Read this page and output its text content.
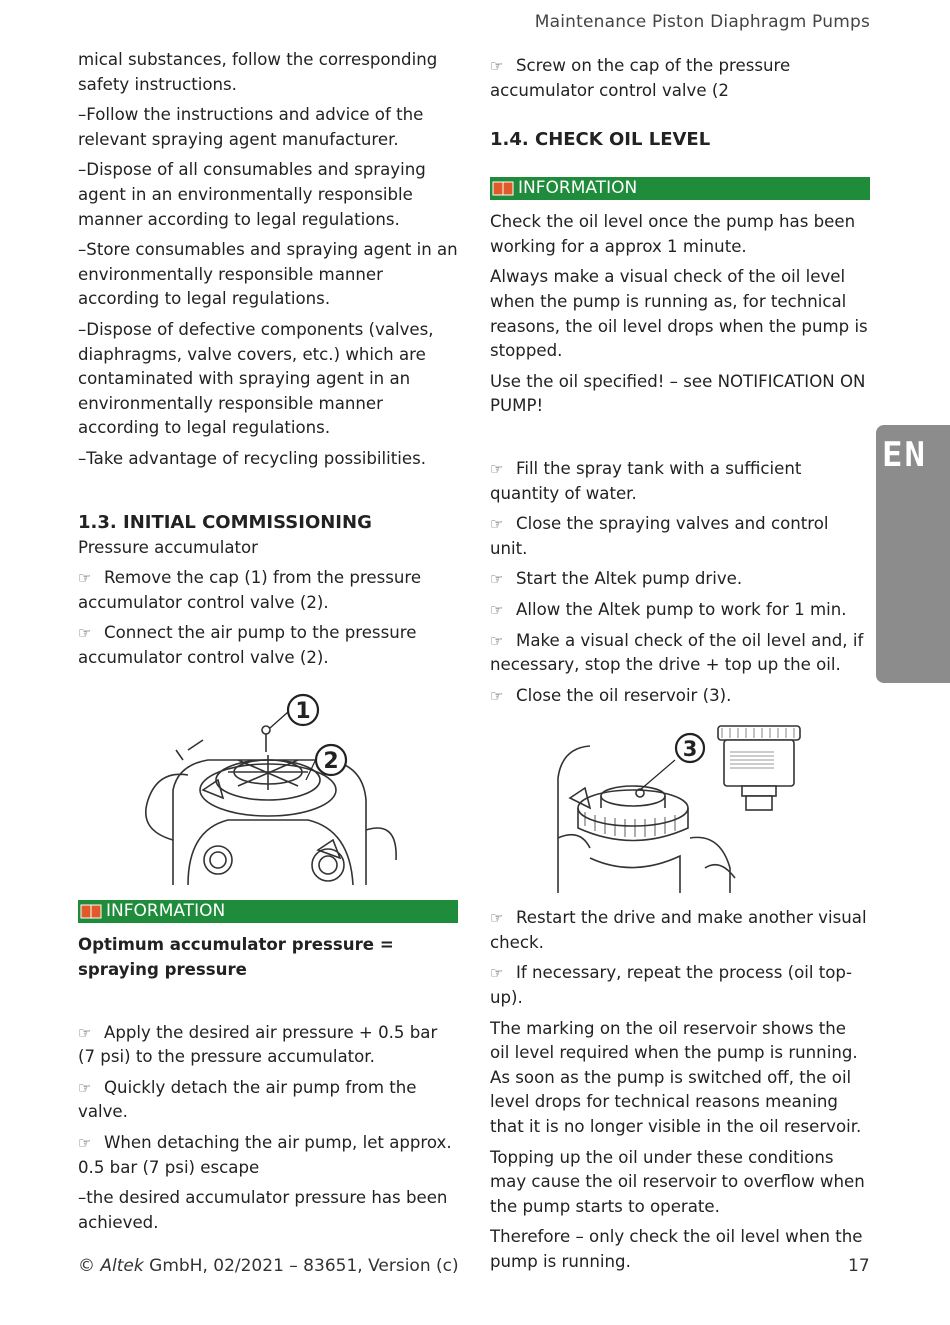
Maintenance Piston Diaphragm Pumps

mical substances, follow the corresponding safety instructions.

–Follow the instructions and advice of the relevant spraying agent manufacturer.

–Dispose of all consumables and spraying agent in an environmentally responsible manner according to legal regulations.

–Store consumables and spraying agent in an environmentally responsible manner according to legal regulations.

–Dispose of defective components (valves, diaphragms, valve covers, etc.) which are contaminated with spraying agent in an environmentally responsible manner according to legal regulations.

–Take advantage of recycling possibilities.

1.3. INITIAL COMMISSIONING

Pressure accumulator

☞ Remove the cap (1) from the pressure accumulator control valve (2).

☞ Connect the air pump to the pressure accumulator control valve (2).

1
2
INFORMATION

Optimum accumulator pressure = spraying pressure

☞ Apply the desired air pressure + 0.5 bar (7 psi) to the pressure accumulator.

☞ Quickly detach the air pump from the valve.

☞ When detaching the air pump, let approx. 0.5 bar (7 psi) escape

–the desired accumulator pressure has been achieved.

☞ Screw on the cap of the pressure accumulator control valve (2

1.4. CHECK OIL LEVEL
INFORMATION

Check the oil level once the pump has been working for a approx 1 minute.

Always make a visual check of the oil level when the pump is running as, for technical reasons, the oil level drops when the pump is stopped.

Use the oil specified! – see NOTIFICATION ON PUMP!

☞ Fill the spray tank with a sufficient quantity of water.

☞ Close the spraying valves and control unit.

☞ Start the Altek pump drive.

☞ Allow the Altek pump to work for 1 min.

☞ Make a visual check of the oil level and, if necessary, stop the drive + top up the oil.

☞ Close the oil reservoir (3).

3

☞ Restart the drive and make another visual check.

☞ If necessary, repeat the process (oil top-up).

The marking on the oil reservoir shows the oil level required when the pump is running. As soon as the pump is switched off, the oil level drops for technical reasons meaning that it is no longer visible in the oil reservoir.

Topping up the oil under these conditions may cause the oil reservoir to overflow when the pump starts to operate.

Therefore – only check the oil level when the pump is running.

EN
© Altek GmbH, 02/2021 – 83651, Version (c)	17
